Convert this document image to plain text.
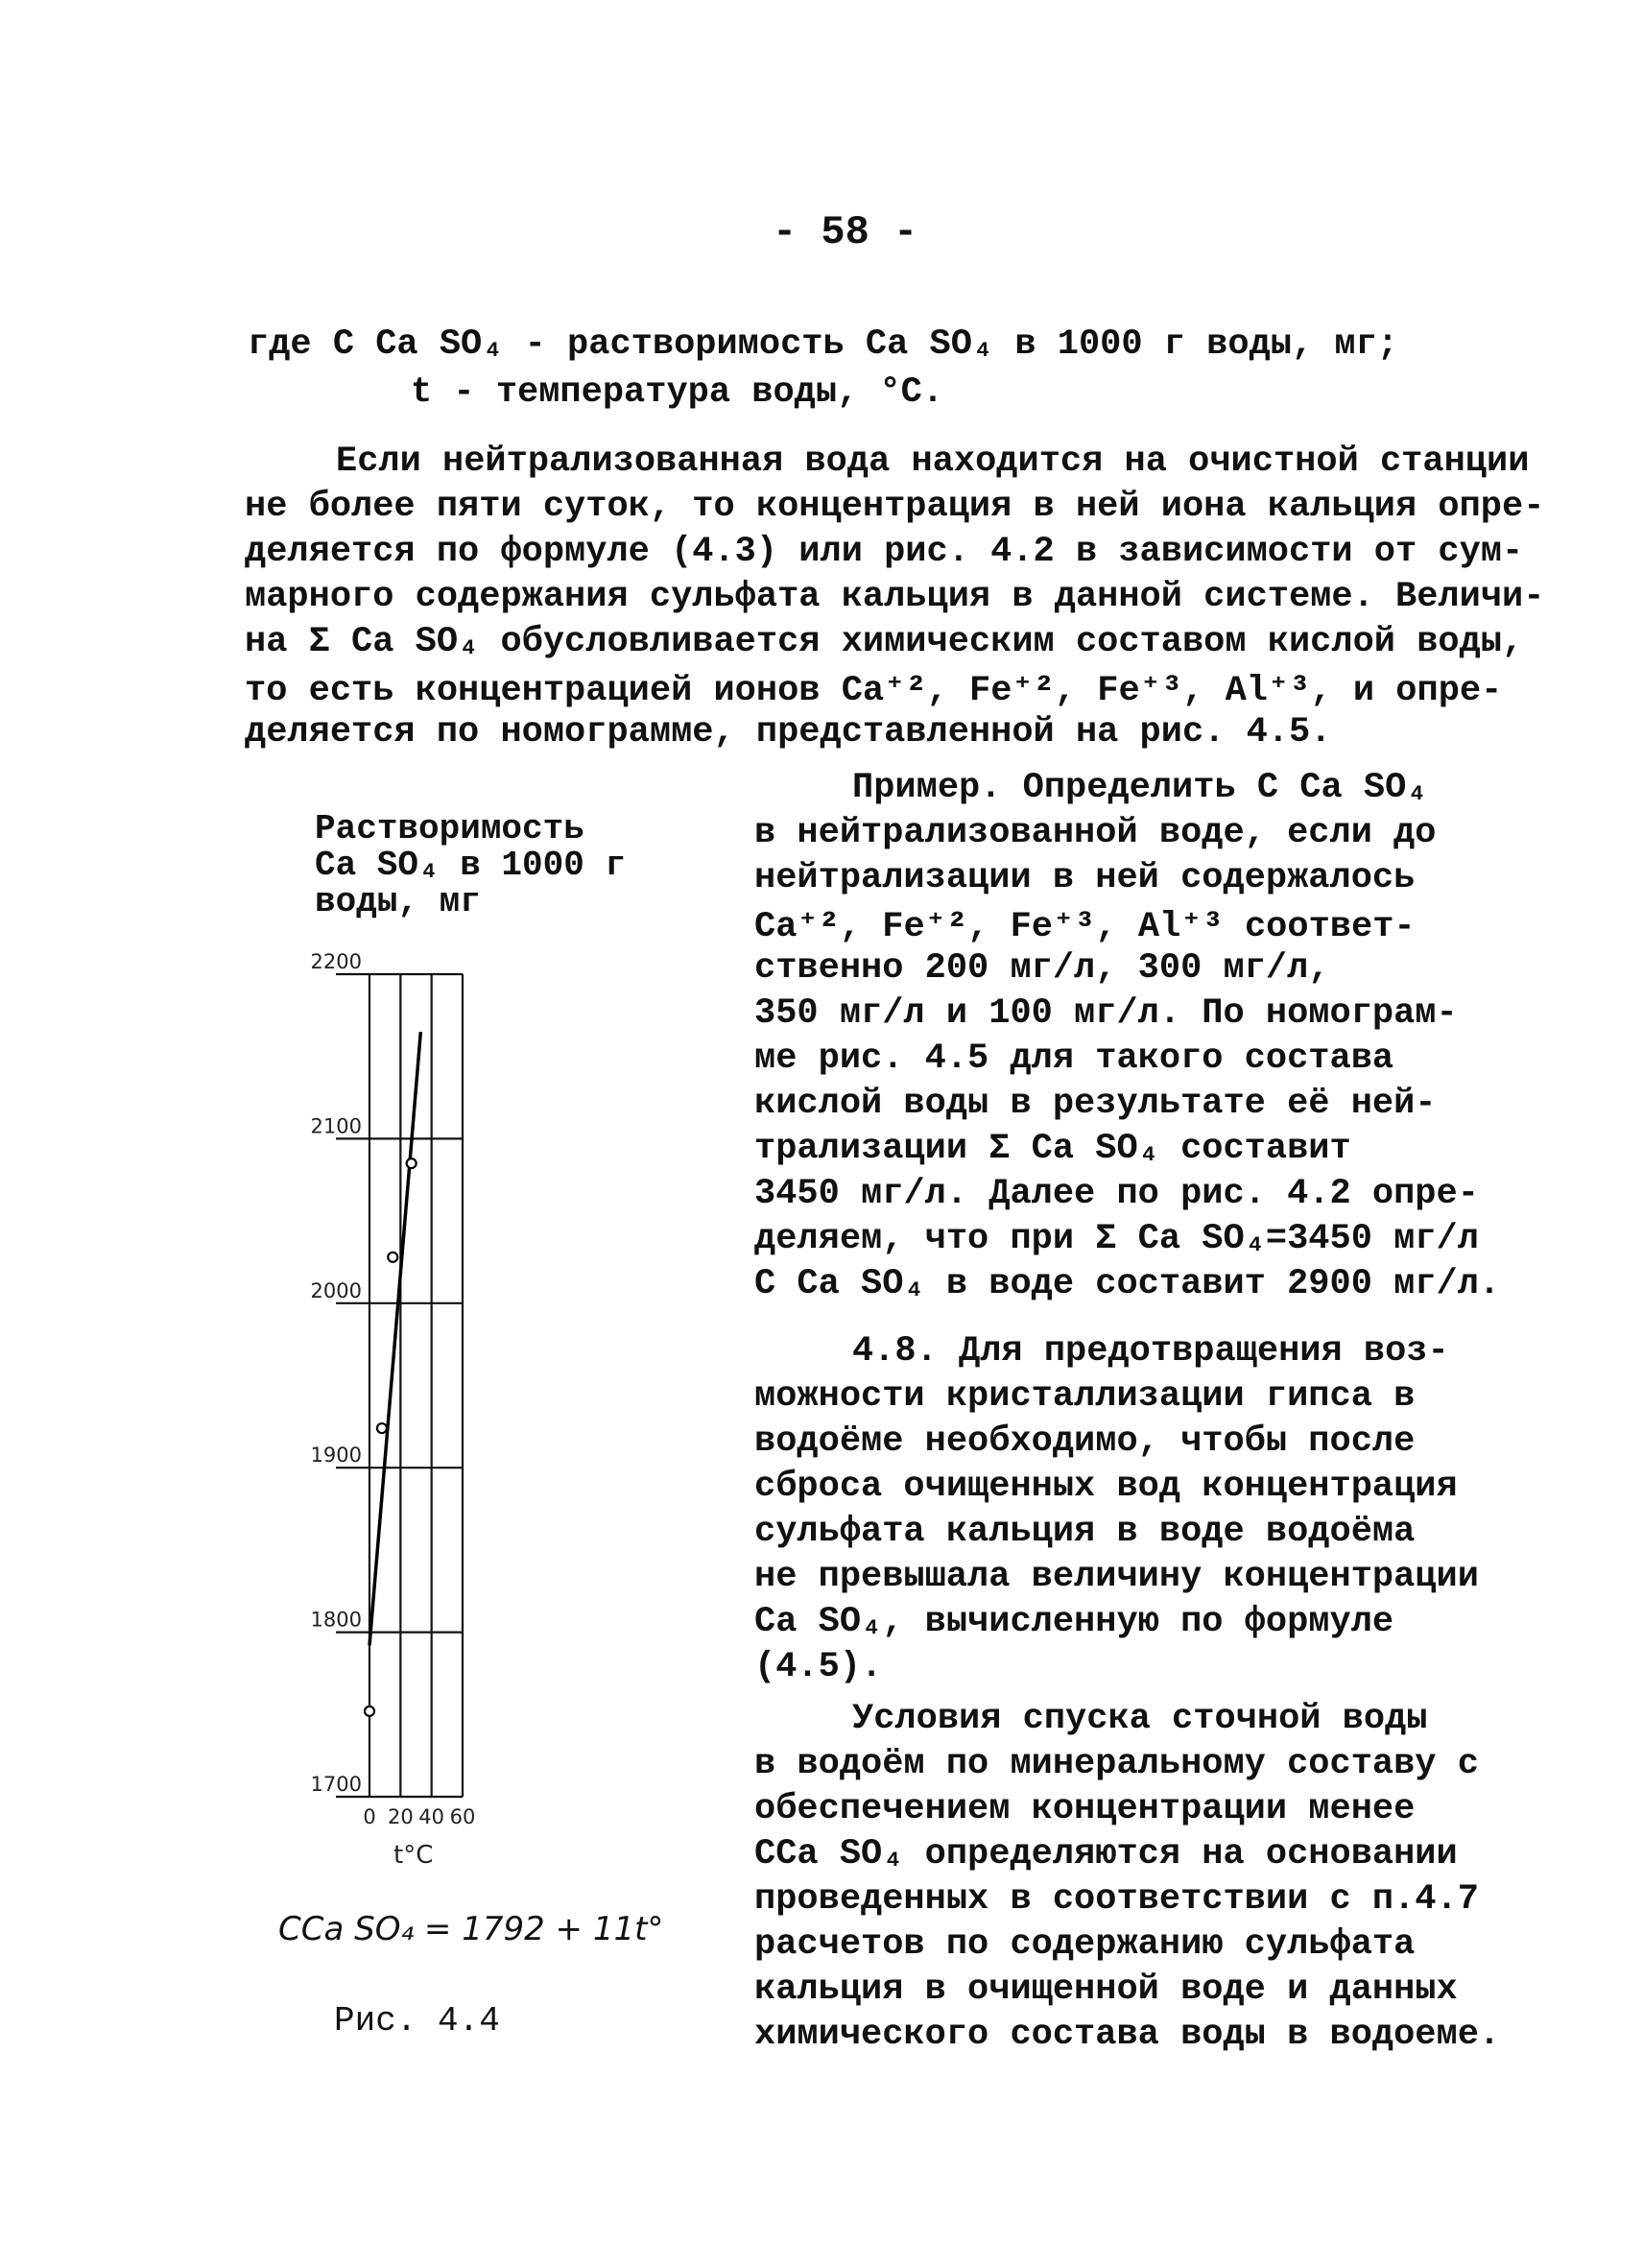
- 58 -
где C Ca SO₄ - растворимость Ca SO₄ в 1000 г воды, мг;
t - температура воды, °C.
Если нейтрализованная вода находится на очистной станции
не более пяти суток, то концентрация в ней иона кальция опре-
деляется по формуле (4.3) или рис. 4.2 в зависимости от сум-
марного содержания сульфата кальция в данной системе. Величи-
на Σ Ca SO₄ обусловливается химическим составом кислой воды,
то есть концентрацией ионов Ca⁺², Fe⁺², Fe⁺³, Al⁺³, и опре-
деляется по номограмме, представленной на рис. 4.5.
Растворимость
Ca SO₄ в 1000 г
воды, мг
2200
2100
2000
1900
1800
1700
0 20 40 60
t°C
CCa SO₄ = 1792 + 11t°
Рис. 4.4
Пример. Определить C Ca SO₄
в нейтрализованной воде, если до
нейтрализации в ней содержалось
Ca⁺², Fe⁺², Fe⁺³, Al⁺³ соответ-
ственно 200 мг/л, 300 мг/л,
350 мг/л и 100 мг/л. По номограм-
ме рис. 4.5 для такого состава
кислой воды в результате её ней-
трализации Σ Ca SO₄ составит
3450 мг/л. Далее по рис. 4.2 опре-
деляем, что при Σ Ca SO₄=3450 мг/л
C Ca SO₄ в воде составит 2900 мг/л.
4.8. Для предотвращения воз-
можности кристаллизации гипса в
водоёме необходимо, чтобы после
сброса очищенных вод концентрация
сульфата кальция в воде водоёма
не превышала величину концентрации
Ca SO₄, вычисленную по формуле
(4.5).
Условия спуска сточной воды
в водоём по минеральному составу с
обеспечением концентрации менее
CCa SO₄ определяются на основании
проведенных в соответствии с п.4.7
расчетов по содержанию сульфата
кальция в очищенной воде и данных
химического состава воды в водоеме.
